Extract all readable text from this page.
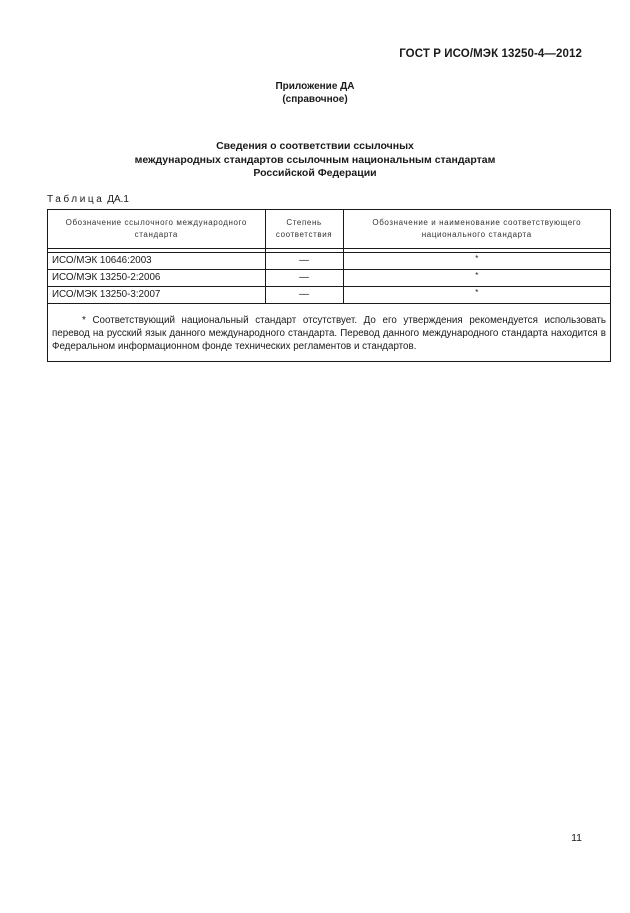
ГОСТ Р ИСО/МЭК 13250-4—2012
Приложение ДА
(справочное)
Сведения о соответствии ссылочных
международных стандартов ссылочным национальным стандартам
Российской Федерации
Таблица ДА.1
Обозначение ссылочного международного стандарта	Степень соответствия	Обозначение и наименование соответствующего национального стандарта

ИСО/МЭК 10646:2003	—	*
ИСО/МЭК 13250-2:2006	—	*
ИСО/МЭК 13250-3:2007	—	*
* Соответствующий национальный стандарт отсутствует. До его утверждения рекомендуется использовать перевод на русский язык данного международного стандарта. Перевод данного международного стандарта находится в Федеральном информационном фонде технических регламентов и стандартов.		
11
